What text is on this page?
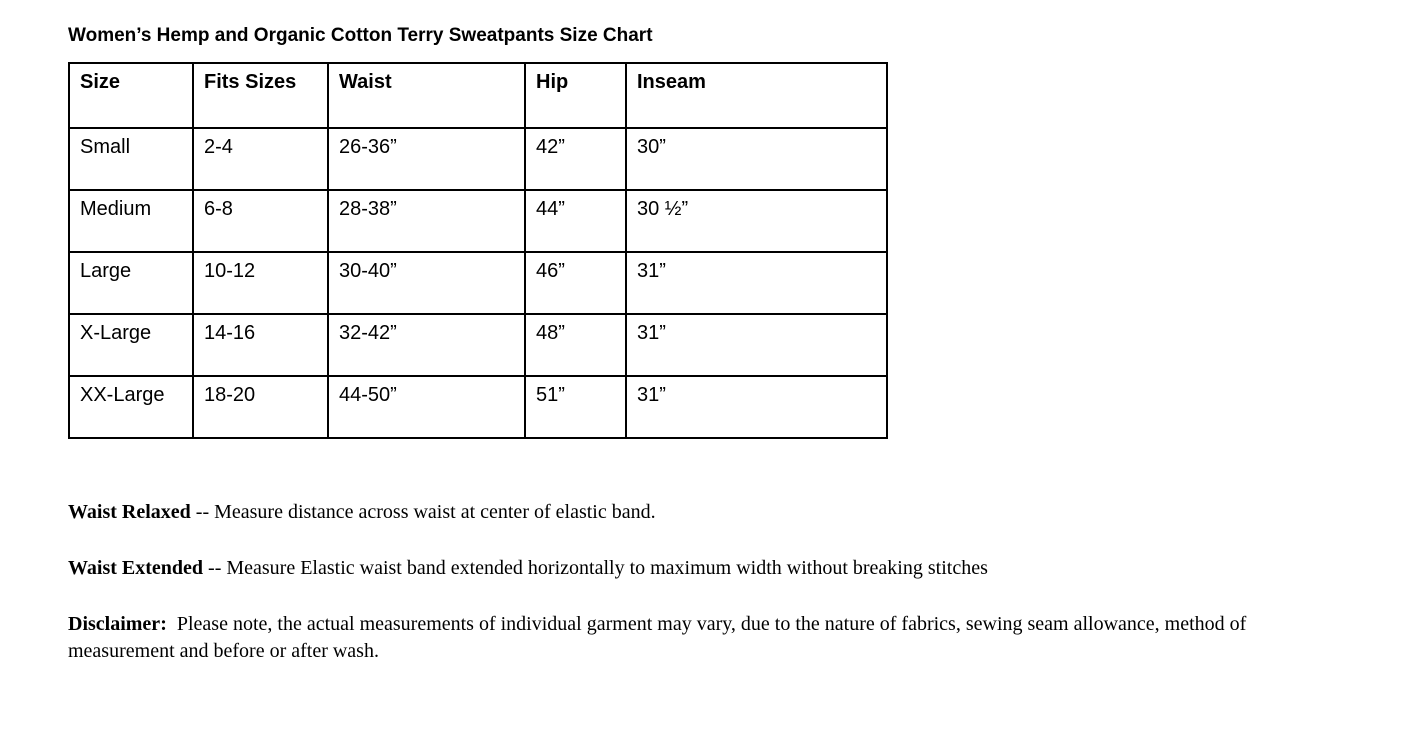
Women’s Hemp and Organic Cotton Terry Sweatpants Size Chart
Size	Fits Sizes	Waist	Hip	Inseam
Small	2-4	26-36”	42”	30”
Medium	6-8	28-38”	44”	30 ½”
Large	10-12	30-40”	46”	31”
X-Large	14-16	32-42”	48”	31”
XX-Large	18-20	44-50”	51”	31”

Waist Relaxed -- Measure distance across waist at center of elastic band.

Waist Extended -- Measure Elastic waist band extended horizontally to maximum width without breaking stitches

Disclaimer: Please note, the actual measurements of individual garment may vary, due to the nature of fabrics, sewing seam allowance, method of measurement and before or after wash.
